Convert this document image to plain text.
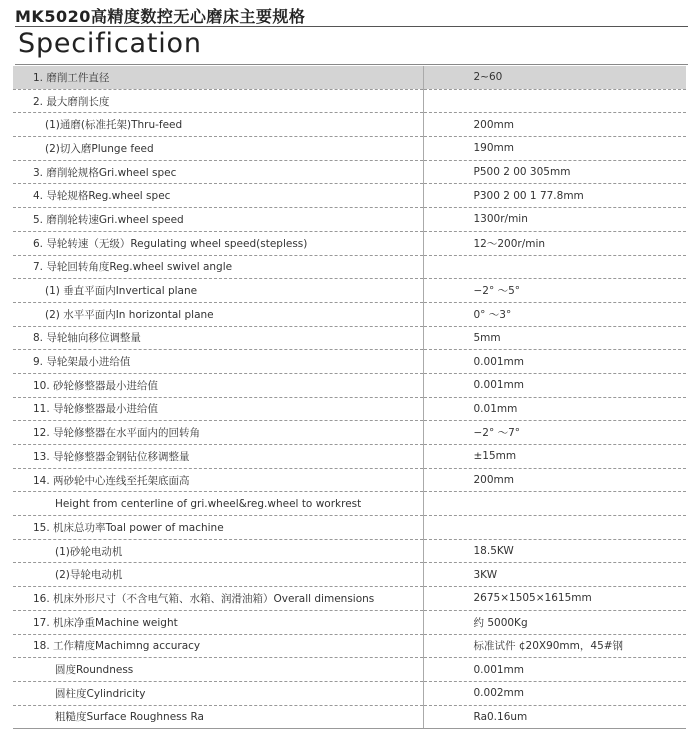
MK5020高精度数控无心磨床主要规格
Specification
1. 磨削工件直径	2~60
2. 最大磨削长度	
(1)通磨(标准托架)Thru-feed	200mm
(2)切入磨Plunge feed	190mm
3. 磨削轮规格Gri.wheel spec	P500 2 00 305mm
4. 导轮规格Reg.wheel spec	P300 2 00 1 77.8mm
5. 磨削轮转速Gri.wheel speed	1300r/min
6. 导轮转速（无级）Regulating wheel speed(stepless)	12～200r/min
7. 导轮回转角度Reg.wheel swivel angle	
(1) 垂直平面内Invertical plane	−2° ～5°
(2) 水平平面内In horizontal plane	0° ～3°
8. 导轮轴向移位调整量	5mm
9. 导轮架最小进给值	0.001mm
10. 砂轮修整器最小进给值	0.001mm
11. 导轮修整器最小进给值	0.01mm
12. 导轮修整器在水平面内的回转角	−2° ～7°
13. 导轮修整器金钢钻位移调整量	±15mm
14. 两砂轮中心连线至托架底面高	200mm
Height from centerline of gri.wheel&reg.wheel to workrest	
15. 机床总功率Toal power of machine	
(1)砂轮电动机	18.5KW
(2)导轮电动机	3KW
16. 机床外形尺寸（不含电气箱、水箱、润滑油箱）Overall dimensions	2675×1505×1615mm
17. 机床净重Machine weight	约 5000Kg
18. 工作精度Machimng accuracy	标准试件 ¢20X90mm，45#钢
圆度Roundness	0.001mm
圆柱度Cylindricity	0.002mm
粗糙度Surface Roughness Ra	Ra0.16um
